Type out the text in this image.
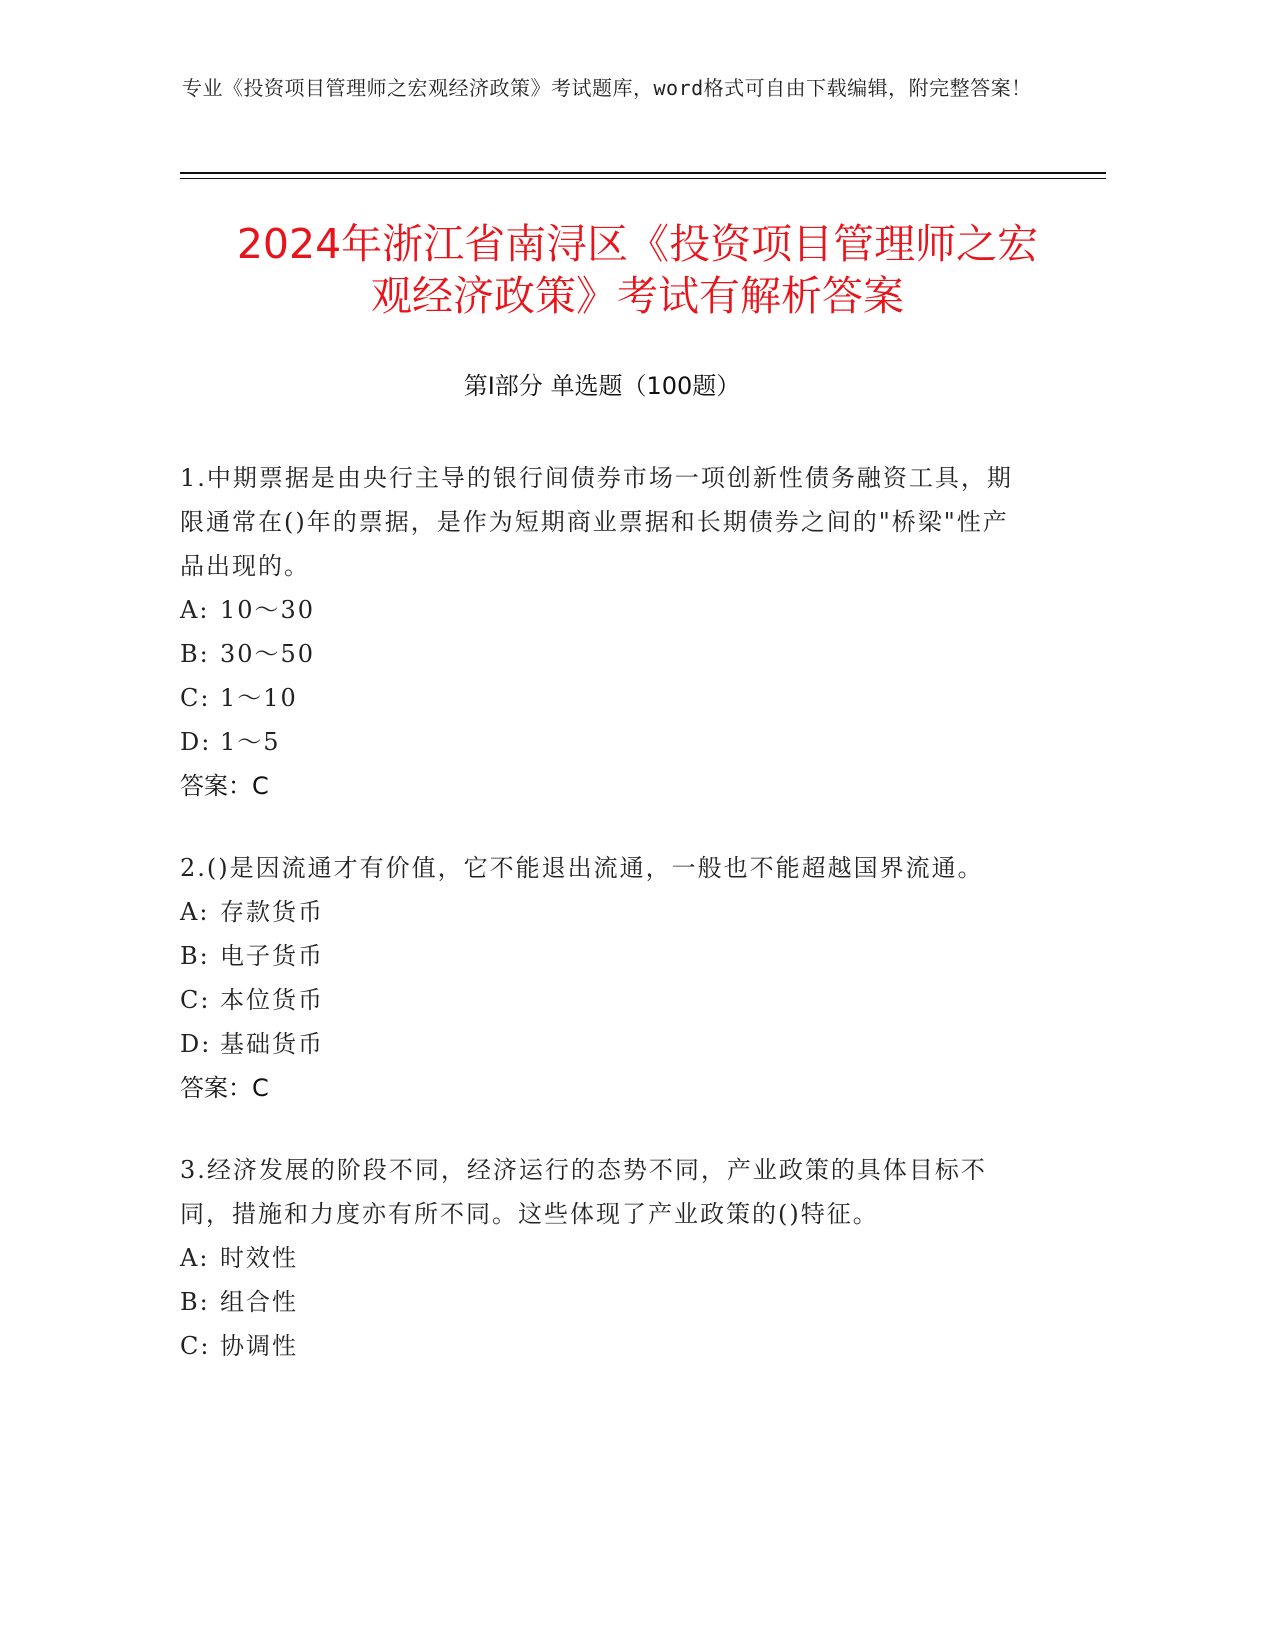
专业《投资项目管理师之宏观经济政策》考试题库，word格式可自由下载编辑，附完整答案！
2024年浙江省南浔区《投资项目管理师之宏
观经济政策》考试有解析答案
第Ⅰ部分 单选题（100题）

1.中期票据是由央行主导的银行间债券市场一项创新性债务融资工具，期限通常在()年的票据，是作为短期商业票据和长期债券之间的"桥梁"性产品出现的。

A: 10～30

B: 30～50

C: 1～10

D: 1～5

答案：C

2.()是因流通才有价值，它不能退出流通，一般也不能超越国界流通。

A: 存款货币

B: 电子货币

C: 本位货币

D: 基础货币

答案：C

3.经济发展的阶段不同，经济运行的态势不同，产业政策的具体目标不同，措施和力度亦有所不同。这些体现了产业政策的()特征。

A: 时效性

B: 组合性

C: 协调性
